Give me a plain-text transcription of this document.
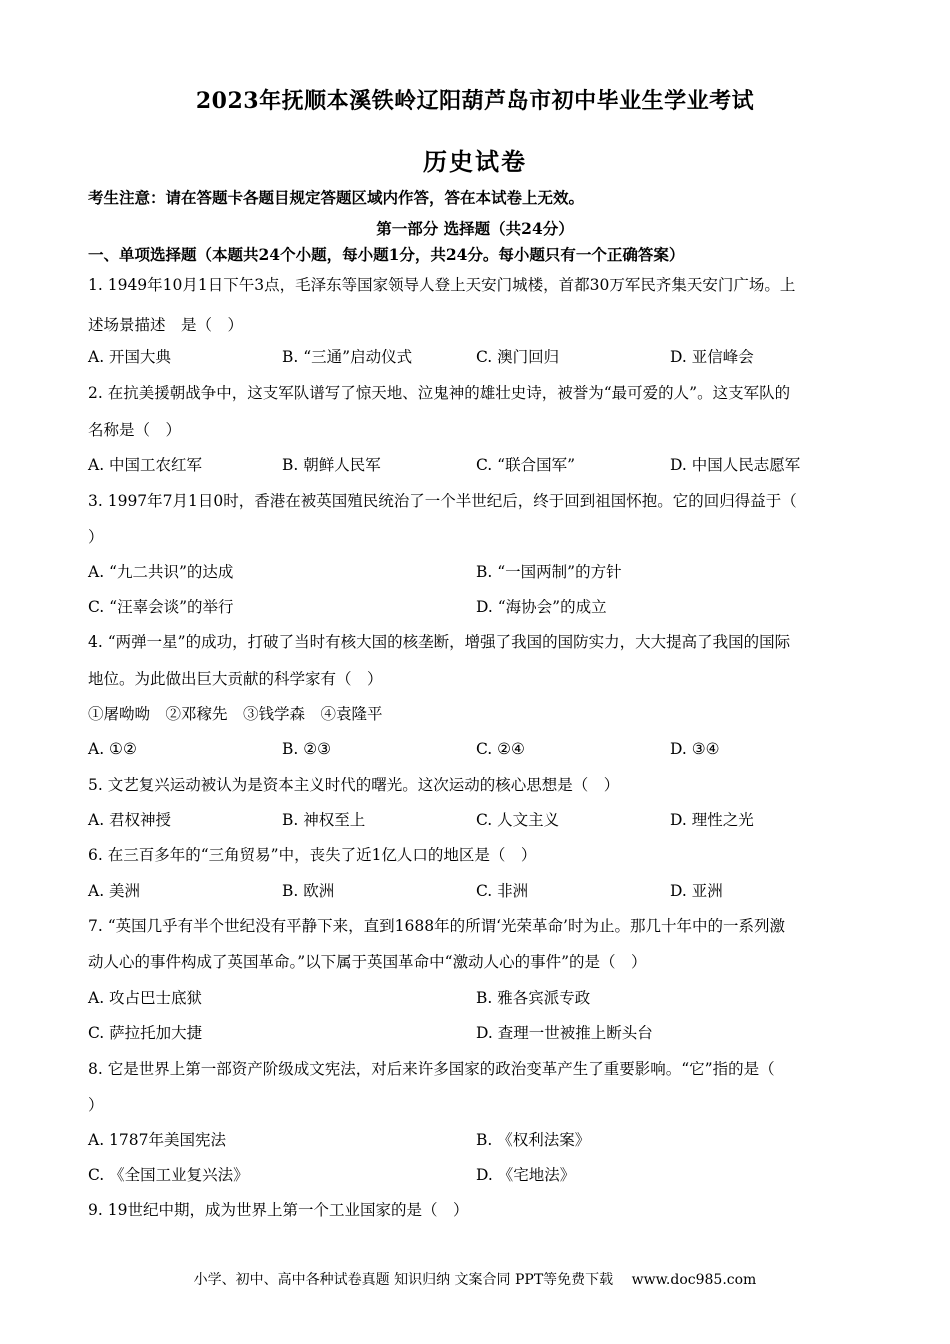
2023年抚顺本溪铁岭辽阳葫芦岛市初中毕业生学业考试
历史试卷
考生注意：请在答题卡各题目规定答题区域内作答，答在本试卷上无效。
第一部分 选择题（共24分）
一、单项选择题（本题共24个小题，每小题1分，共24分。每小题只有一个正确答案）
1. 1949年10月1日下午3点，毛泽东等国家领导人登上天安门城楼，首都30万军民齐集天安门广场。上
述场景描述　是（　）
A. 开国大典	B. “三通”启动仪式	C. 澳门回归	D. 亚信峰会
2. 在抗美援朝战争中，这支军队谱写了惊天地、泣鬼神的雄壮史诗，被誉为“最可爱的人”。这支军队的
名称是（　）
A. 中国工农红军	B. 朝鲜人民军	C. “联合国军”	D. 中国人民志愿军
3. 1997年7月1日0时，香港在被英国殖民统治了一个半世纪后，终于回到祖国怀抱。它的回归得益于（
）
A. “九二共识”的达成	B. “一国两制”的方针
C. “汪辜会谈”的举行	D. “海协会”的成立
4. “两弹一星”的成功，打破了当时有核大国的核垄断，增强了我国的国防实力，大大提高了我国的国际
地位。为此做出巨大贡献的科学家有（　）
①屠呦呦　②邓稼先　③钱学森　④袁隆平
A. ①②	B. ②③	C. ②④	D. ③④
5. 文艺复兴运动被认为是资本主义时代的曙光。这次运动的核心思想是（　）
A. 君权神授	B. 神权至上	C. 人文主义	D. 理性之光
6. 在三百多年的“三角贸易”中，丧失了近1亿人口的地区是（　）
A. 美洲	B. 欧洲	C. 非洲	D. 亚洲
7. “英国几乎有半个世纪没有平静下来，直到1688年的所谓‘光荣革命’时为止。那几十年中的一系列激
动人心的事件构成了英国革命。”以下属于英国革命中“激动人心的事件”的是（　）
A. 攻占巴士底狱	B. 雅各宾派专政
C. 萨拉托加大捷	D. 查理一世被推上断头台
8. 它是世界上第一部资产阶级成文宪法，对后来许多国家的政治变革产生了重要影响。“它”指的是（
）
A. 1787年美国宪法	B. 《权利法案》
C. 《全国工业复兴法》	D. 《宅地法》
9. 19世纪中期，成为世界上第一个工业国家的是（　）
小学、初中、高中各种试卷真题 知识归纳 文案合同 PPT等免费下载　 www.doc985.com
